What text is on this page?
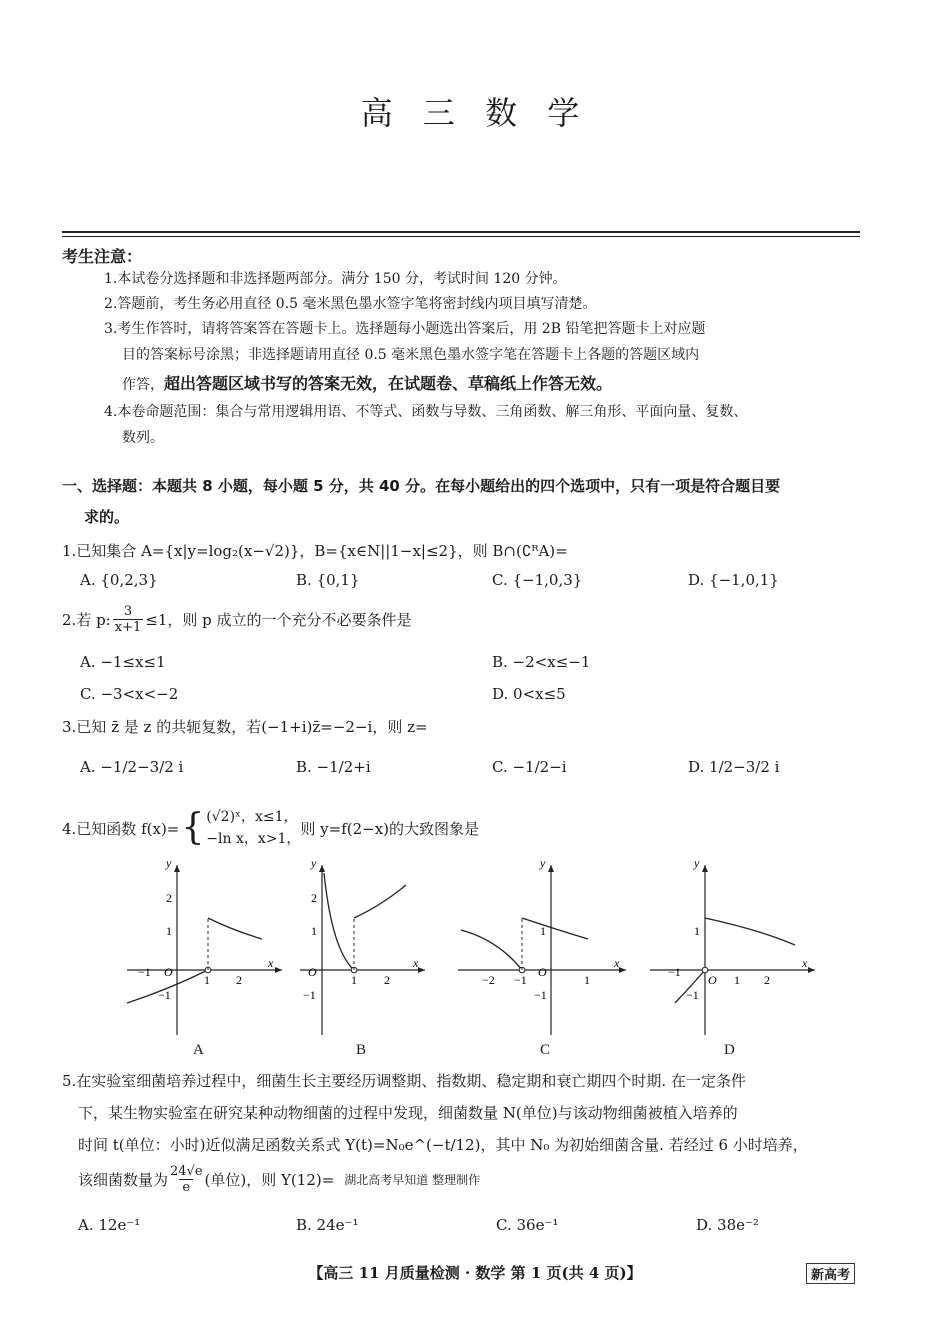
高 三 数 学
考生注意：
1.本试卷分选择题和非选择题两部分。满分 150 分，考试时间 120 分钟。
2.答题前，考生务必用直径 0.5 毫米黑色墨水签字笔将密封线内项目填写清楚。
3.考生作答时，请将答案答在答题卡上。选择题每小题选出答案后，用 2B 铅笔把答题卡上对应题
目的答案标号涂黑；非选择题请用直径 0.5 毫米黑色墨水签字笔在答题卡上各题的答题区域内
作答，超出答题区域书写的答案无效，在试题卷、草稿纸上作答无效。
4.本卷命题范围：集合与常用逻辑用语、不等式、函数与导数、三角函数、解三角形、平面向量、复数、
数列。
一、选择题：本题共 8 小题，每小题 5 分，共 40 分。在每小题给出的四个选项中，只有一项是符合题目要
求的。
1.已知集合 A={x|y=log₂(x−√2)}，B={x∈N||1−x|≤2}，则 B∩(∁ᴿA)=
A. {0,2,3}	B. {0,1}	C. {−1,0,3}	D. {−1,0,1}
2.若 p: $\frac{3}{x+1} \le 1$，则 p 成立的一个充分不必要条件是
A. −1≤x≤1	B. −2<x≤−1
C. −3<x<−2	D. 0<x≤5
3.已知 z̄ 是 z 的共轭复数，若(−1+i)z̄=−2−i，则 z=
A. −1/2−3/2 i	B. −1/2+i	C. −1/2−i	D. 1/2−3/2 i
4.已知函数 f(x)= { (√2)ˣ，x≤1，
−ln x，x>1，
则 y=f(2−x)的大致图象是
y
x
−1 O
1 2
2
1
−1
A
y
x
O
1 2
2
1
−1
B
y
x
−2 −1
O
1
1
−1
C
y
x
−1
O 1 2
1
−1
D
5.在实验室细菌培养过程中，细菌生长主要经历调整期、指数期、稳定期和衰亡期四个时期. 在一定条件
下，某生物实验室在研究某种动物细菌的过程中发现，细菌数量 N(单位)与该动物细菌被植入培养的
时间 t(单位：小时)近似满足函数关系式 Y(t)=N₀e^(−t/12)，其中 N₀ 为初始细菌含量. 若经过 6 小时培养，
该细菌数量为 $\frac{24√e}{e}$ (单位)，则 Y(12)= 湖北高考早知道 整理制作
A. 12e⁻¹	B. 24e⁻¹	C. 36e⁻¹	D. 38e⁻²
【高三 11 月质量检测 · 数学 第 1 页(共 4 页)】	新高考
